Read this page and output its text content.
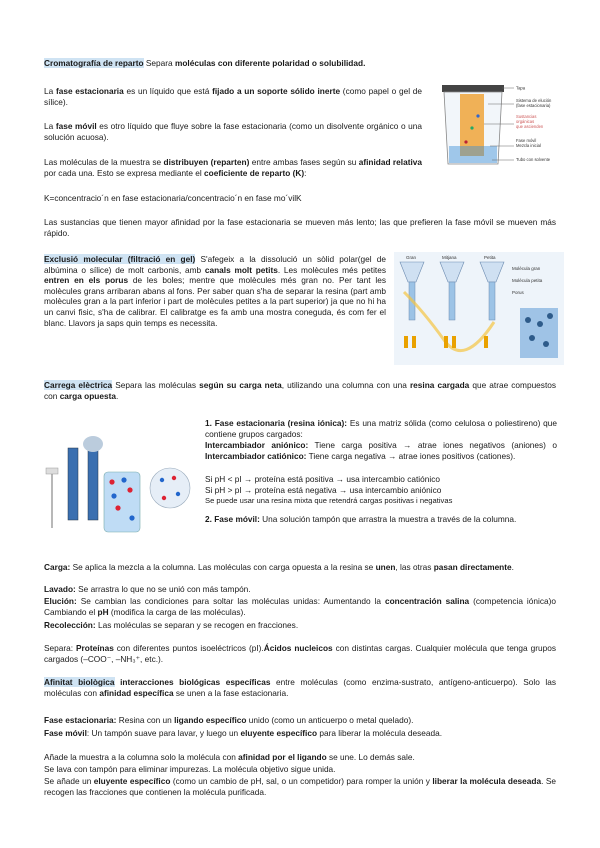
Cromatografía de reparto Separa moléculas con diferente polaridad o solubilidad.

La fase estacionaria es un líquido que está fijado a un soporte sólido inerte (como papel o gel de sílice).

La fase móvil es otro líquido que fluye sobre la fase estacionaria (como un disolvente orgánico o una solución acuosa).

Las moléculas de la muestra se distribuyen (reparten) entre ambas fases según su afinidad relativa por cada una. Esto se expresa mediante el coeficiente de reparto (K):

K=concentracio´n en fase estacionaria/concentracio´n en fase mo´vilK

Las sustancias que tienen mayor afinidad por la fase estacionaria se mueven más lento; las que prefieren la fase móvil se mueven más rápido.

Tapa
Sistema de elución
(fase estacionaria)
Sustancias
orgánicas
que ascienden
Fase móvil
Mezcla inicial
Tubo con solvente

Exclusió molecular (filtració en gel) S'afegeix a la dissolució un sòlid polar(gel de albúmina o sílice) de molt carbonis, amb canals molt petits. Les molècules més petites entren en els porus de les boles; mentre que molècules més gran no. Per tant les molècules grans arribaran abans al fons. Per saber quan s'ha de separar la resina (part amb molècules gran a la part inferior i part de molècules petites a la part superior) ja que no hi ha un canvi fisic, s'ha de calibrar. El calibratge es fa amb una mostra coneguda, és com fer el blanc. Llavors ja saps quin temps es necessita.

Gran	Mitjana	Petita
Molècula gran
Molècula petita
Porus

Carrega elèctrica Separa las moléculas según su carga neta, utilizando una columna con una resina cargada que atrae compuestos con carga opuesta.

1. Fase estacionaria (resina iónica): Es una matriz sólida (como celulosa o poliestireno) que contiene grupos cargados:

Intercambiador aniónico: Tiene carga positiva → atrae iones negativos (aniones) o Intercambiador catiónico: Tiene carga negativa → atrae iones positivos (cationes).

Si pH < pI → proteína está positiva → usa intercambio catiónico

Si pH > pI → proteína está negativa → usa intercambio aniónico

Se puede usar una resina mixta que retendrá cargas positivas i negativas

2. Fase móvil: Una solución tampón que arrastra la muestra a través de la columna.

Carga: Se aplica la mezcla a la columna. Las moléculas con carga opuesta a la resina se unen, las otras pasan directamente.

Lavado: Se arrastra lo que no se unió con más tampón.

Elución: Se cambian las condiciones para soltar las moléculas unidas: Aumentando la concentración salina (competencia iónica)o Cambiando el pH (modifica la carga de las moléculas).

Recolección: Las moléculas se separan y se recogen en fracciones.

Separa: Proteínas con diferentes puntos isoeléctricos (pI).Ácidos nucleicos con distintas cargas. Cualquier molécula que tenga grupos cargados (–COO⁻, –NH₃⁺, etc.).

Afinitat biològica interacciones biológicas específicas entre moléculas (como enzima-sustrato, antígeno-anticuerpo). Solo las moléculas con afinidad específica se unen a la fase estacionaria.

Fase estacionaria: Resina con un ligando específico unido (como un anticuerpo o metal quelado).

Fase móvil: Un tampón suave para lavar, y luego un eluyente específico para liberar la molécula deseada.

Añade la muestra a la columna solo la molécula con afinidad por el ligando se une. Lo demás sale.

Se lava con tampón para eliminar impurezas. La molécula objetivo sigue unida.

Se añade un eluyente específico (como un cambio de pH, sal, o un competidor) para romper la unión y liberar la molécula deseada. Se recogen las fracciones que contienen la molécula purificada.
